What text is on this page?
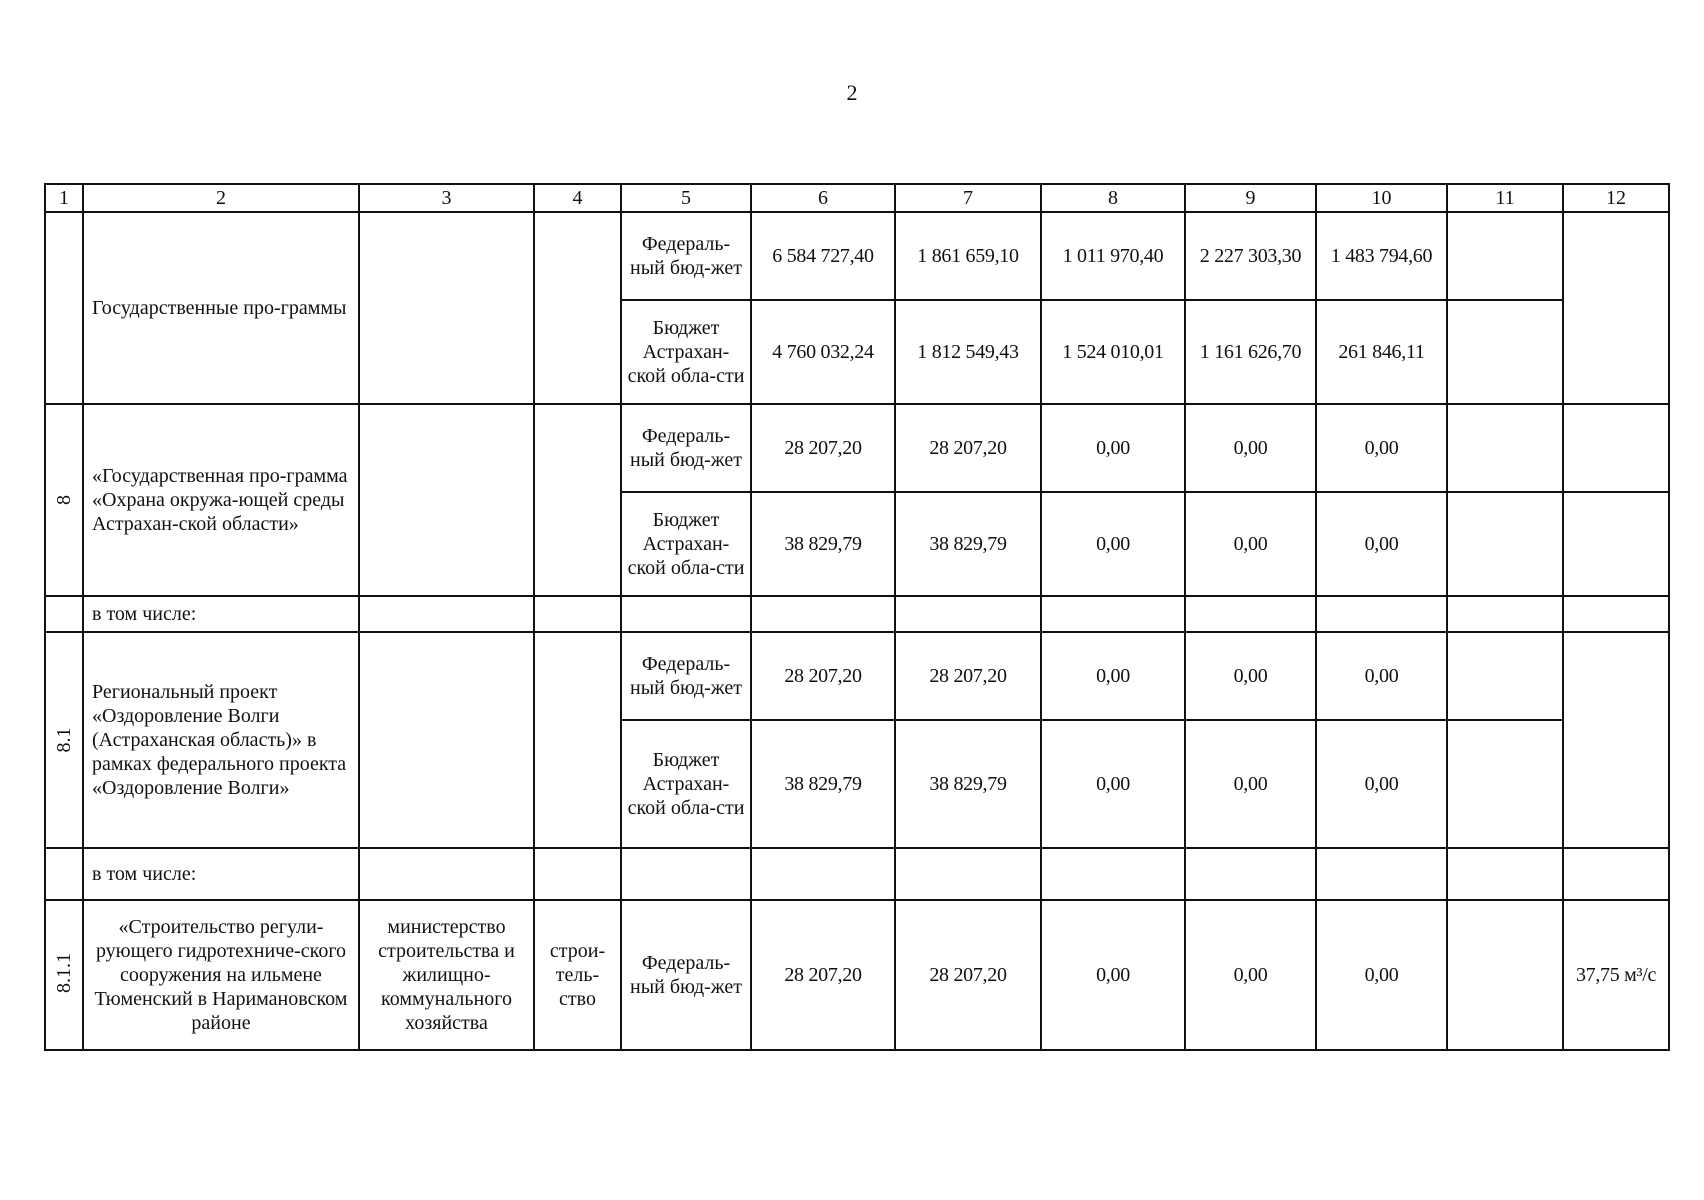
2
1	2	3	4	5	6	7	8	9	10	11	12
	Государственные про-граммы			Федераль-ный бюд-жет	6 584 727,40	1 861 659,10	1 011 970,40	2 227 303,30	1 483 794,60		
				Бюджет Астрахан-ской обла-сти	4 760 032,24	1 812 549,43	1 524 010,01	1 161 626,70	261 846,11		

8	«Государственная про-грамма «Охрана окружа-ющей среды Астрахан-ской области»			Федераль-ный бюд-жет	28 207,20	28 207,20	0,00	0,00	0,00		
				Бюджет Астрахан-ской обла-сти	38 829,79	38 829,79	0,00	0,00	0,00		
	в том числе:										

8.1	Региональный проект «Оздоровление Волги (Астраханская область)» в рамках федерального проекта «Оздоровление Волги»			Федераль-ный бюд-жет	28 207,20	28 207,20	0,00	0,00	0,00		
				Бюджет Астрахан-ской обла-сти	38 829,79	38 829,79	0,00	0,00	0,00		
	в том числе:										

8.1.1	«Строительство регули-рующего гидротехниче-ского сооружения на ильмене Тюменский в Наримановском районе	министерство строительства и жилищно-коммунального хозяйства	строи-тель-ство	Федераль-ный бюд-жет	28 207,20	28 207,20	0,00	0,00	0,00		37,75 м³/с
